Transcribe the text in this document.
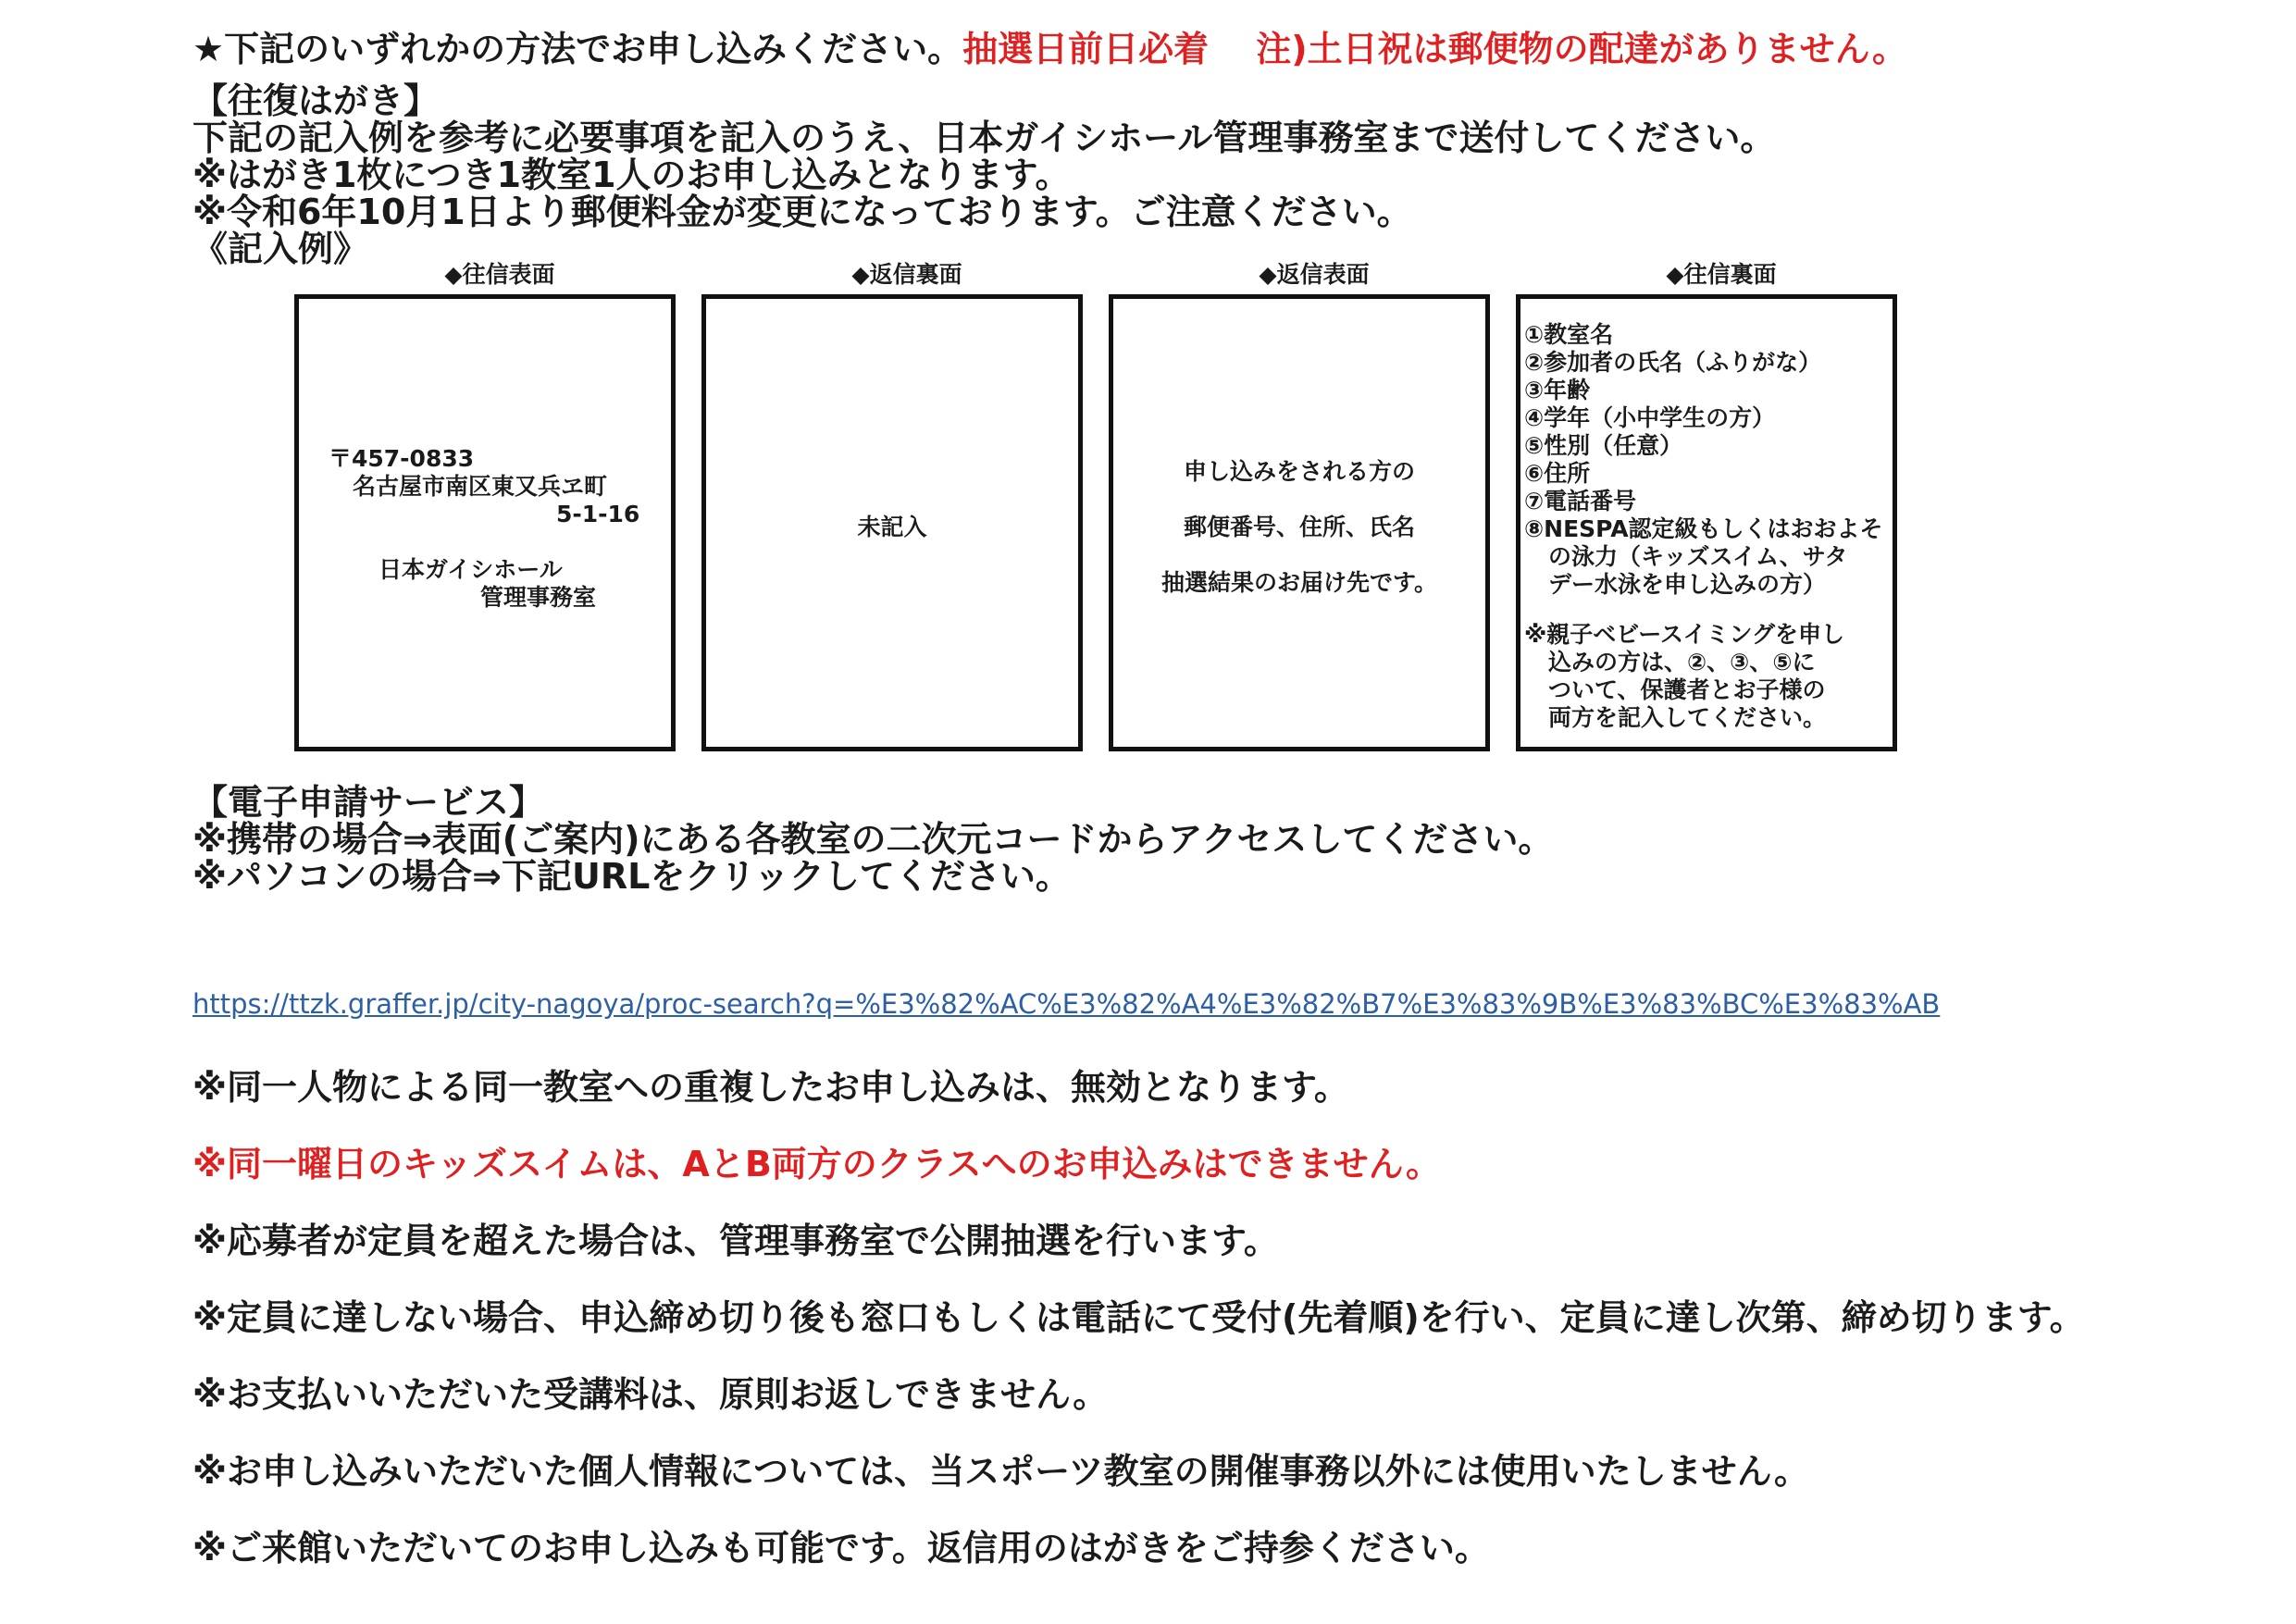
★下記のいずれかの方法でお申し込みください。抽選日前日必着　 注)土日祝は郵便物の配達がありません。
【往復はがき】
下記の記入例を参考に必要事項を記入のうえ、日本ガイシホール管理事務室まで送付してください。
※はがき1枚につき1教室1人のお申し込みとなります。
※令和6年10月1日より郵便料金が変更になっております。ご注意ください。
《記入例》
◆往信表面	◆返信裏面	◆返信表面	◆往信裏面
〒457-0833
名古屋市南区東又兵ヱ町
5-1-16
日本ガイシホール
管理事務室
未記入
申し込みをされる方の
郵便番号、住所、氏名
抽選結果のお届け先です。
①教室名
②参加者の氏名（ふりがな）
③年齢
④学年（小中学生の方）
⑤性別（任意）
⑥住所
⑦電話番号
⑧NESPA認定級もしくはおおよそ
の泳力（キッズスイム、サタ
デー水泳を申し込みの方）
※親子ベビースイミングを申し
込みの方は、②、③、⑤に
ついて、保護者とお子様の
両方を記入してください。
【電子申請サービス】
※携帯の場合⇒表面(ご案内)にある各教室の二次元コードからアクセスしてください。
※パソコンの場合⇒下記URLをクリックしてください。
https://ttzk.graffer.jp/city-nagoya/proc-search?q=%E3%82%AC%E3%82%A4%E3%82%B7%E3%83%9B%E3%83%BC%E3%83%AB
※同一人物による同一教室への重複したお申し込みは、無効となります。
※同一曜日のキッズスイムは、AとB両方のクラスへのお申込みはできません。
※応募者が定員を超えた場合は、管理事務室で公開抽選を行います。
※定員に達しない場合、申込締め切り後も窓口もしくは電話にて受付(先着順)を行い、定員に達し次第、締め切ります。
※お支払いいただいた受講料は、原則お返しできません。
※お申し込みいただいた個人情報については、当スポーツ教室の開催事務以外には使用いたしません。
※ご来館いただいてのお申し込みも可能です。返信用のはがきをご持参ください。
